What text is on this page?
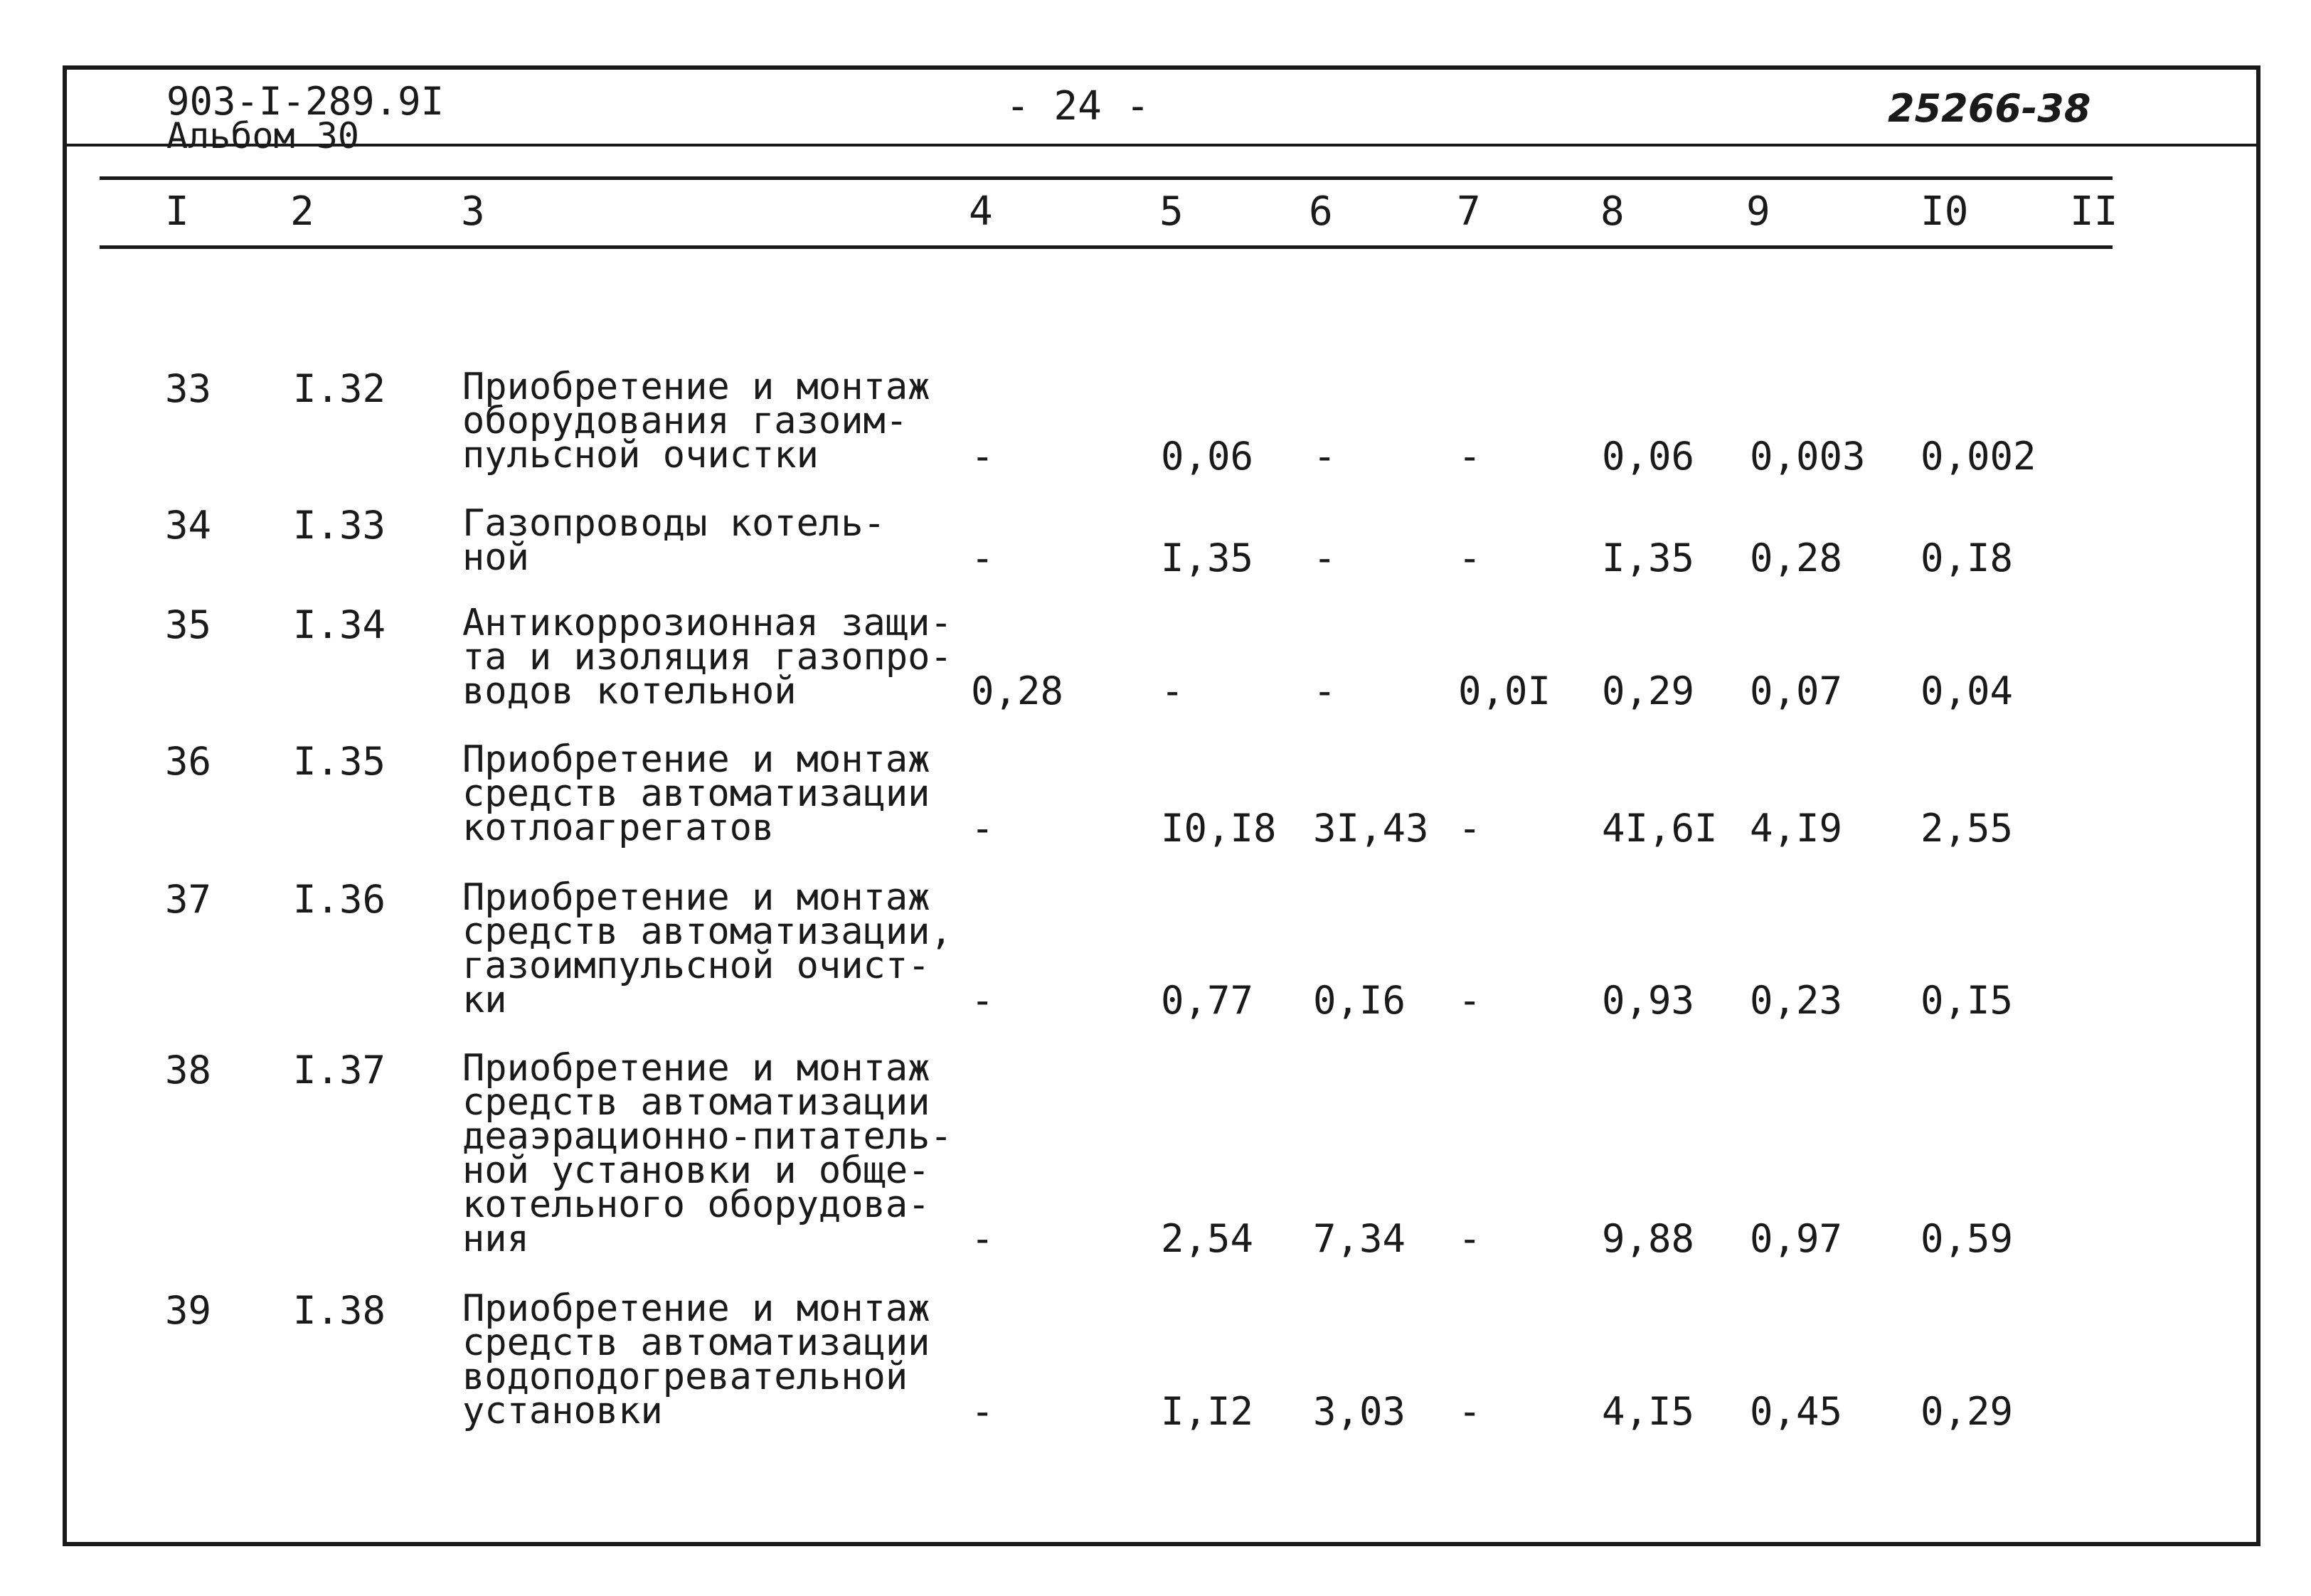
903-I-289.9I
Альбом 30
- 24 -	25266-38
I	2	3	4	5	6	7	8	9	I0	II
33 I.32 Приобретение и монтаж
оборудования газоим-
пульсной очистки	-	0,06 -	-	0,06 0,003 0,002
34 I.33 Газопроводы котель-
ной	-	I,35 -	-	I,35 0,28 0,I8
35 I.34 Антикоррозионная защи-
та и изоляция газопро-
водов котельной	0,28	-	-	0,0I 0,29 0,07 0,04
36 I.35 Приобретение и монтаж
средств автоматизации
котлоагрегатов	-	I0,I8 3I,43 -	4I,6I 4,I9 2,55
37 I.36 Приобретение и монтаж
средств автоматизации,
газоимпульсной очист-
ки	-	0,77 0,I6 -	0,93 0,23 0,I5
38 I.37 Приобретение и монтаж
средств автоматизации
деаэрационно-питатель-
ной установки и обще-
котельного оборудова-
ния	-	2,54 7,34 -	9,88 0,97 0,59
39 I.38 Приобретение и монтаж
средств автоматизации
водоподогревательной
установки	-	I,I2 3,03 -	4,I5 0,45 0,29
